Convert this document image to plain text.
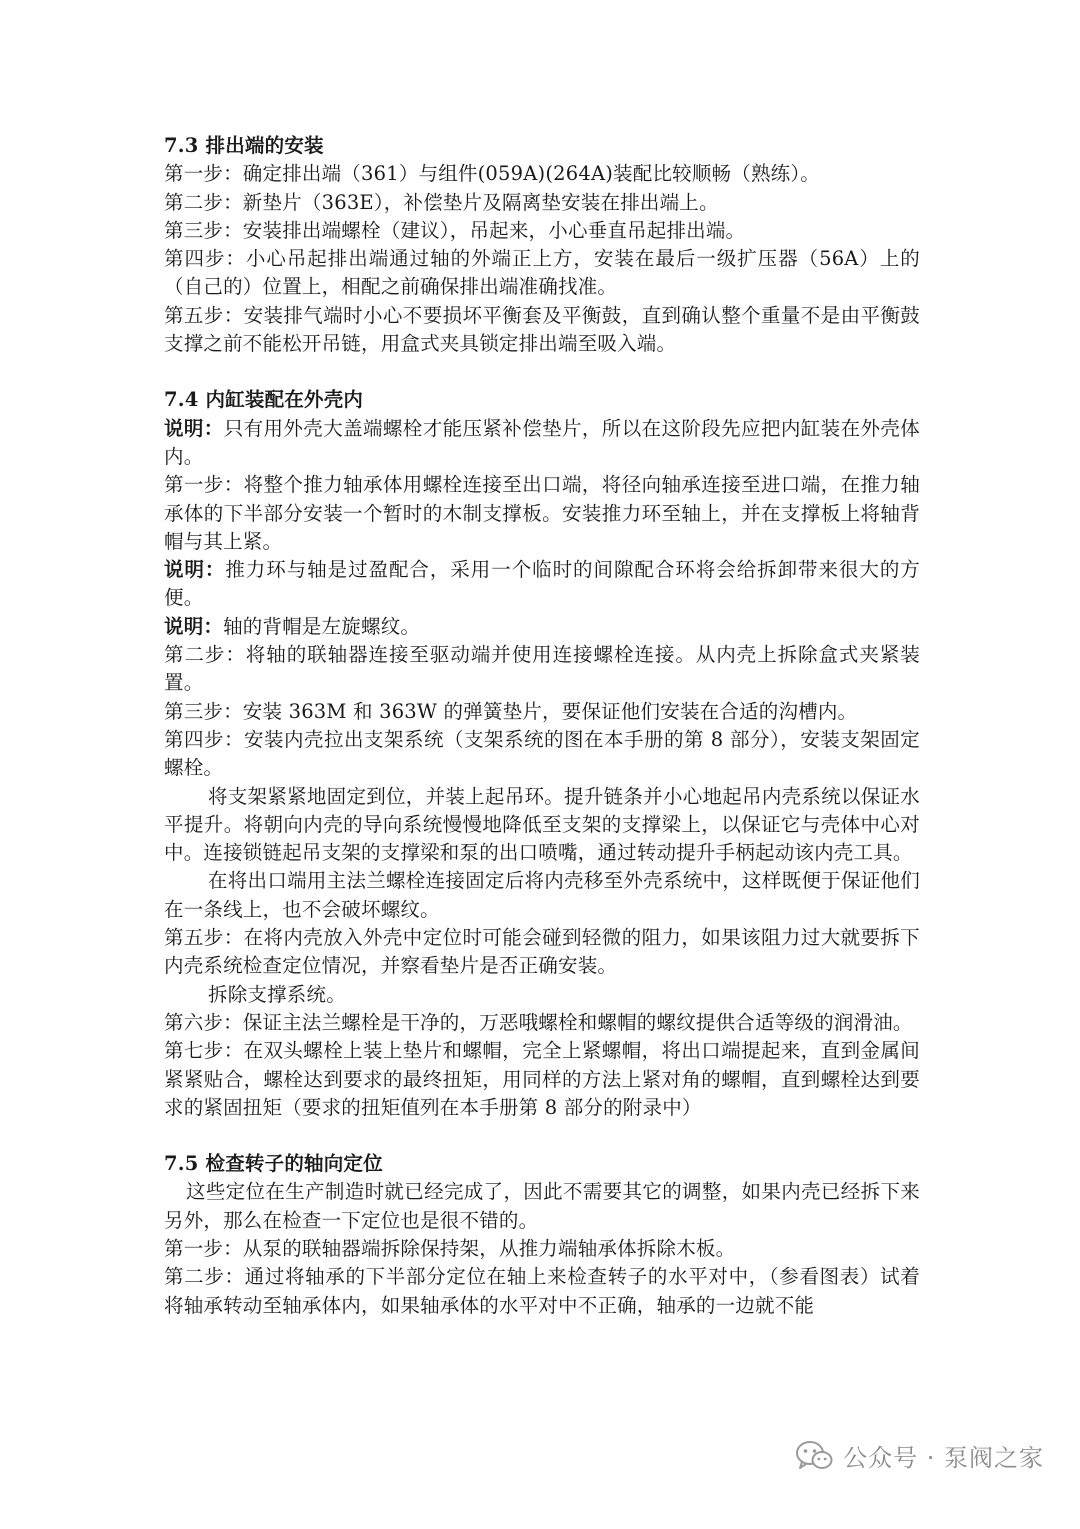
7.3 排出端的安装

第一步：确定排出端（361）与组件(059A)(264A)装配比较顺畅（熟练）。

第二步：新垫片（363E），补偿垫片及隔离垫安装在排出端上。

第三步：安装排出端螺栓（建议），吊起来，小心垂直吊起排出端。

第四步：小心吊起排出端通过轴的外端正上方，安装在最后一级扩压器（56A）上的（自己的）位置上，相配之前确保排出端准确找准。

第五步：安装排气端时小心不要损坏平衡套及平衡鼓，直到确认整个重量不是由平衡鼓支撑之前不能松开吊链，用盒式夹具锁定排出端至吸入端。

7.4 内缸装配在外壳内

说明：只有用外壳大盖端螺栓才能压紧补偿垫片，所以在这阶段先应把内缸装在外壳体内。

第一步：将整个推力轴承体用螺栓连接至出口端，将径向轴承连接至进口端，在推力轴承体的下半部分安装一个暂时的木制支撑板。安装推力环至轴上，并在支撑板上将轴背帽与其上紧。

说明：推力环与轴是过盈配合，采用一个临时的间隙配合环将会给拆卸带来很大的方便。

说明：轴的背帽是左旋螺纹。

第二步：将轴的联轴器连接至驱动端并使用连接螺栓连接。从内壳上拆除盒式夹紧装置。

第三步：安装 363M 和 363W 的弹簧垫片，要保证他们安装在合适的沟槽内。

第四步：安装内壳拉出支架系统（支架系统的图在本手册的第 8 部分），安装支架固定螺栓。

将支架紧紧地固定到位，并装上起吊环。提升链条并小心地起吊内壳系统以保证水平提升。将朝向内壳的导向系统慢慢地降低至支架的支撑梁上，以保证它与壳体中心对中。连接锁链起吊支架的支撑梁和泵的出口喷嘴，通过转动提升手柄起动该内壳工具。

在将出口端用主法兰螺栓连接固定后将内壳移至外壳系统中，这样既便于保证他们在一条线上，也不会破坏螺纹。

第五步：在将内壳放入外壳中定位时可能会碰到轻微的阻力，如果该阻力过大就要拆下内壳系统检查定位情况，并察看垫片是否正确安装。

拆除支撑系统。

第六步：保证主法兰螺栓是干净的，万恶哦螺栓和螺帽的螺纹提供合适等级的润滑油。

第七步：在双头螺栓上装上垫片和螺帽，完全上紧螺帽，将出口端提起来，直到金属间紧紧贴合，螺栓达到要求的最终扭矩，用同样的方法上紧对角的螺帽，直到螺栓达到要求的紧固扭矩（要求的扭矩值列在本手册第 8 部分的附录中）

7.5 检查转子的轴向定位

这些定位在生产制造时就已经完成了，因此不需要其它的调整，如果内壳已经拆下来另外，那么在检查一下定位也是很不错的。

第一步：从泵的联轴器端拆除保持架，从推力端轴承体拆除木板。

第二步：通过将轴承的下半部分定位在轴上来检查转子的水平对中，（参看图表）试着将轴承转动至轴承体内，如果轴承体的水平对中不正确，轴承的一边就不能

公众号 · 泵阀之家
